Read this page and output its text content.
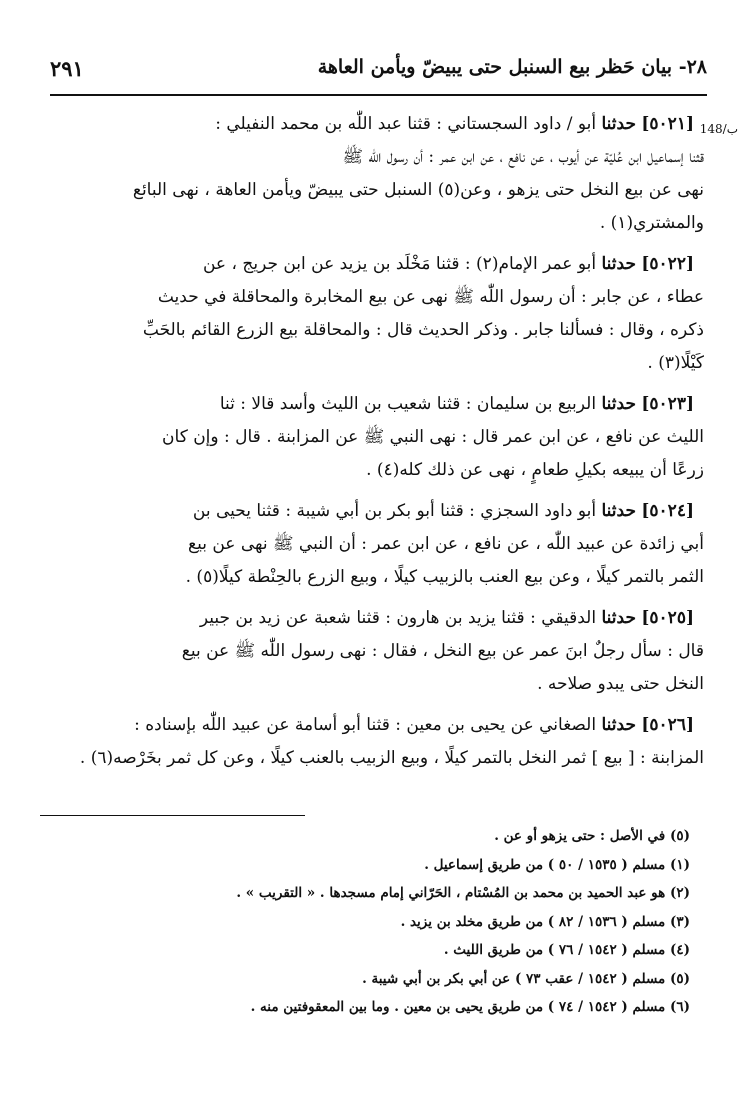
٢٨- بيان حَظر بيع السنبل حتى يبيضّ ويأمن العاهة
٢٩١
148/ب

[٥٠٢١] حدثنا أبو / داود السجستاني : قثنا عبد اللّٰه بن محمد النفيلي :

قثنا إسماعيل ابن عُليّة عن أيوب ، عن نافع ، عن ابن عمر : أن رسول اللّٰه ﷺ

نهى عن بيع النخل حتى يزهو ، وعن(٥) السنبل حتى يبيضّ ويأمن العاهة ، نهى البائع

والمشتري(١) .

[٥٠٢٢] حدثنا أبو عمر الإمام(٢) : قثنا مَخْلَد بن يزيد عن ابن جريج ، عن

عطاء ، عن جابر : أن رسول اللّٰه ﷺ نهى عن بيع المخابرة والمحاقلة في حديث

ذكره ، وقال : فسألنا جابر . وذكر الحديث قال : والمحاقلة بيع الزرع القائم بالحَبِّ

كَيْلًا(٣) .

[٥٠٢٣] حدثنا الربيع بن سليمان : قثنا شعيب بن الليث وأسد قالا : ثنا

الليث عن نافع ، عن ابن عمر قال : نهى النبي ﷺ عن المزابنة . قال : وإن كان

زرعًا أن يبيعه بكيلِ طعامٍ ، نهى عن ذلك كله(٤) .

[٥٠٢٤] حدثنا أبو داود السجزي : قثنا أبو بكر بن أبي شيبة : قثنا يحيى بن

أبي زائدة عن عبيد اللّٰه ، عن نافع ، عن ابن عمر : أن النبي ﷺ نهى عن بيع

الثمر بالتمر كيلًا ، وعن بيع العنب بالزبيب كيلًا ، وبيع الزرع بالحِنْطة كيلًا(٥) .

[٥٠٢٥] حدثنا الدقيقي : قثنا يزيد بن هارون : قثنا شعبة عن زيد بن جبير

قال : سأل رجلٌ ابنَ عمر عن بيع النخل ، فقال : نهى رسول اللّٰه ﷺ عن بيع

النخل حتى يبدو صلاحه .

[٥٠٢٦] حدثنا الصغاني عن يحيى بن معين : قثنا أبو أسامة عن عبيد اللّٰه بإسناده :

المزابنة : [ بيع ] ثمر النخل بالتمر كيلًا ، وبيع الزبيب بالعنب كيلًا ، وعن كل ثمر بخَرْصه(٦) .

(٥) في الأصل : حتى يزهو أو عن .
(١) مسلم ( ١٥٣٥ / ٥٠ ) من طريق إسماعيل .
(٢) هو عبد الحميد بن محمد بن المُسْتام ، الحَرّاني إمام مسجدها . « التقريب » .
(٣) مسلم ( ١٥٣٦ / ٨٢ ) من طريق مخلد بن يزيد .
(٤) مسلم ( ١٥٤٢ / ٧٦ ) من طريق الليث .
(٥) مسلم ( ١٥٤٢ / عقب ٧٣ ) عن أبي بكر بن أبي شيبة .
(٦) مسلم ( ١٥٤٢ / ٧٤ ) من طريق يحيى بن معين . وما بين المعقوفتين منه .
